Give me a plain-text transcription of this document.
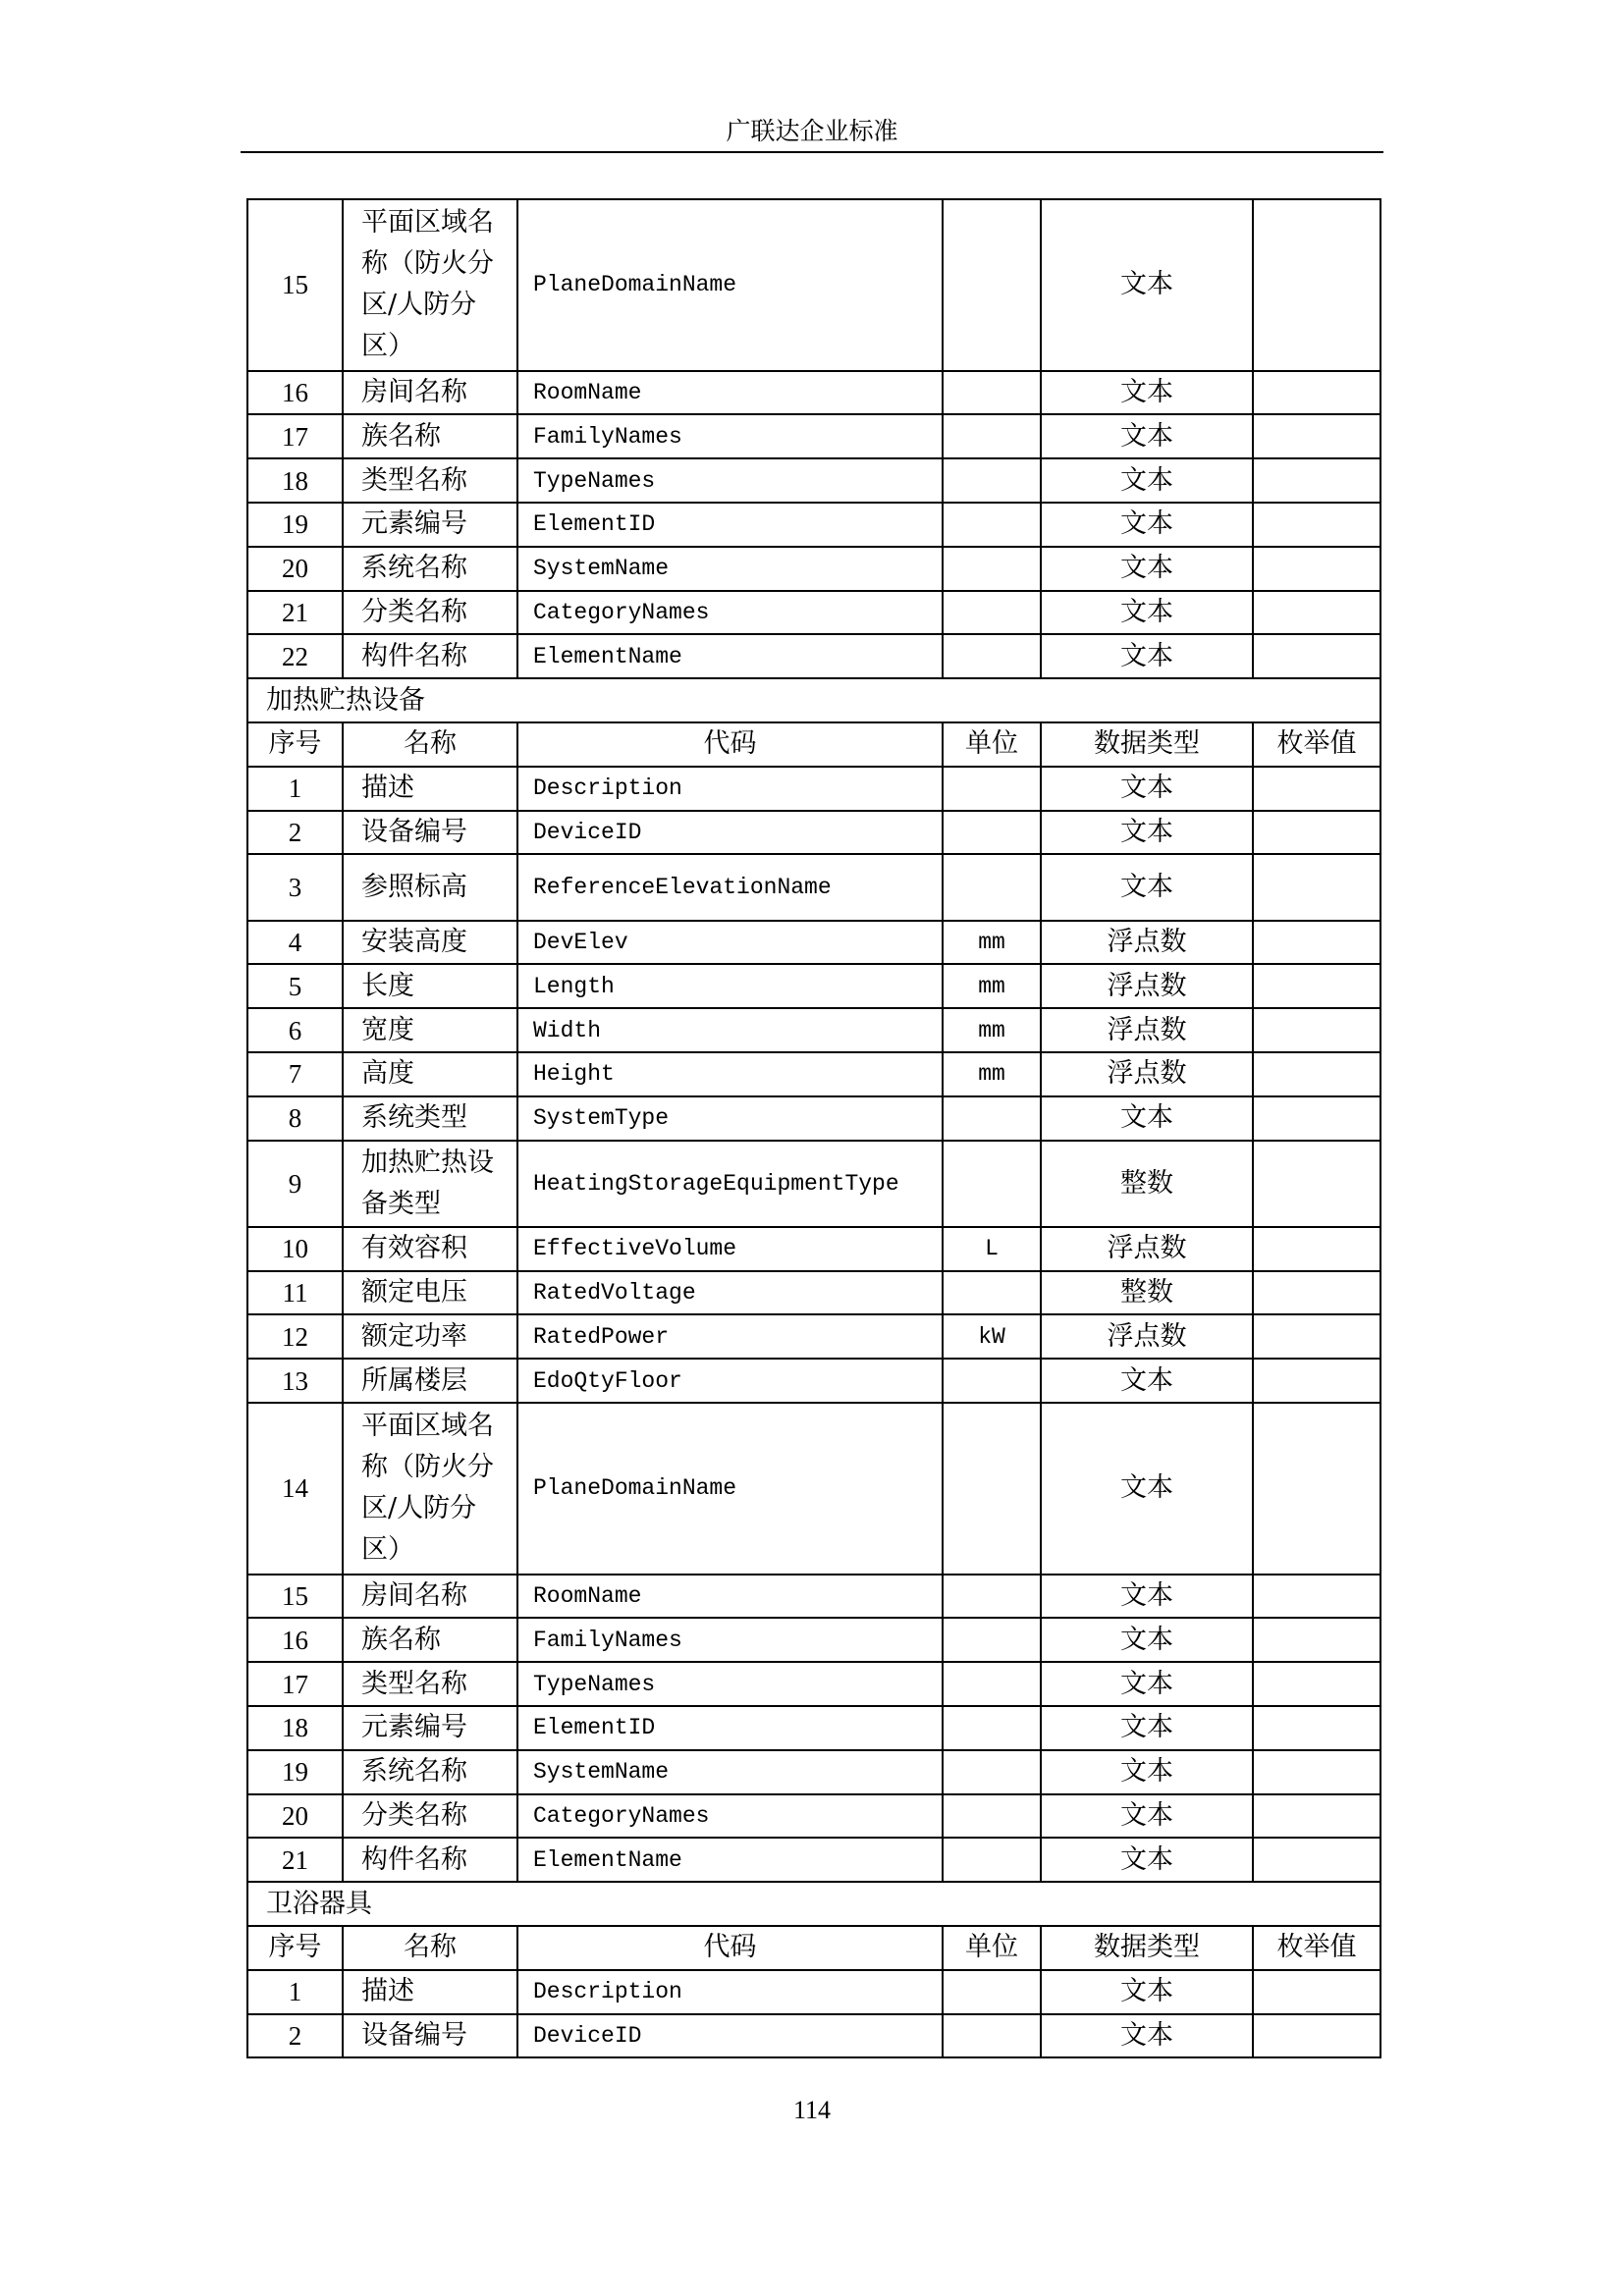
广联达企业标准
15	平面区域名称（防火分区/人防分区）	PlaneDomainName		文本	
16	房间名称	RoomName		文本	
17	族名称	FamilyNames		文本	
18	类型名称	TypeNames		文本	
19	元素编号	ElementID		文本	
20	系统名称	SystemName		文本	
21	分类名称	CategoryNames		文本	
22	构件名称	ElementName		文本	
加热贮热设备					
序号	名称	代码	单位	数据类型	枚举值
1	描述	Description		文本	
2	设备编号	DeviceID		文本	
3	参照标高	ReferenceElevationName		文本	
4	安装高度	DevElev	mm	浮点数	
5	长度	Length	mm	浮点数	
6	宽度	Width	mm	浮点数	
7	高度	Height	mm	浮点数	
8	系统类型	SystemType		文本	
9	加热贮热设备类型	HeatingStorageEquipmentType		整数	
10	有效容积	EffectiveVolume	L	浮点数	
11	额定电压	RatedVoltage		整数	
12	额定功率	RatedPower	kW	浮点数	
13	所属楼层	EdoQtyFloor		文本	
14	平面区域名称（防火分区/人防分区）	PlaneDomainName		文本	
15	房间名称	RoomName		文本	
16	族名称	FamilyNames		文本	
17	类型名称	TypeNames		文本	
18	元素编号	ElementID		文本	
19	系统名称	SystemName		文本	
20	分类名称	CategoryNames		文本	
21	构件名称	ElementName		文本	
卫浴器具					
序号	名称	代码	单位	数据类型	枚举值
1	描述	Description		文本	
2	设备编号	DeviceID		文本	
114
